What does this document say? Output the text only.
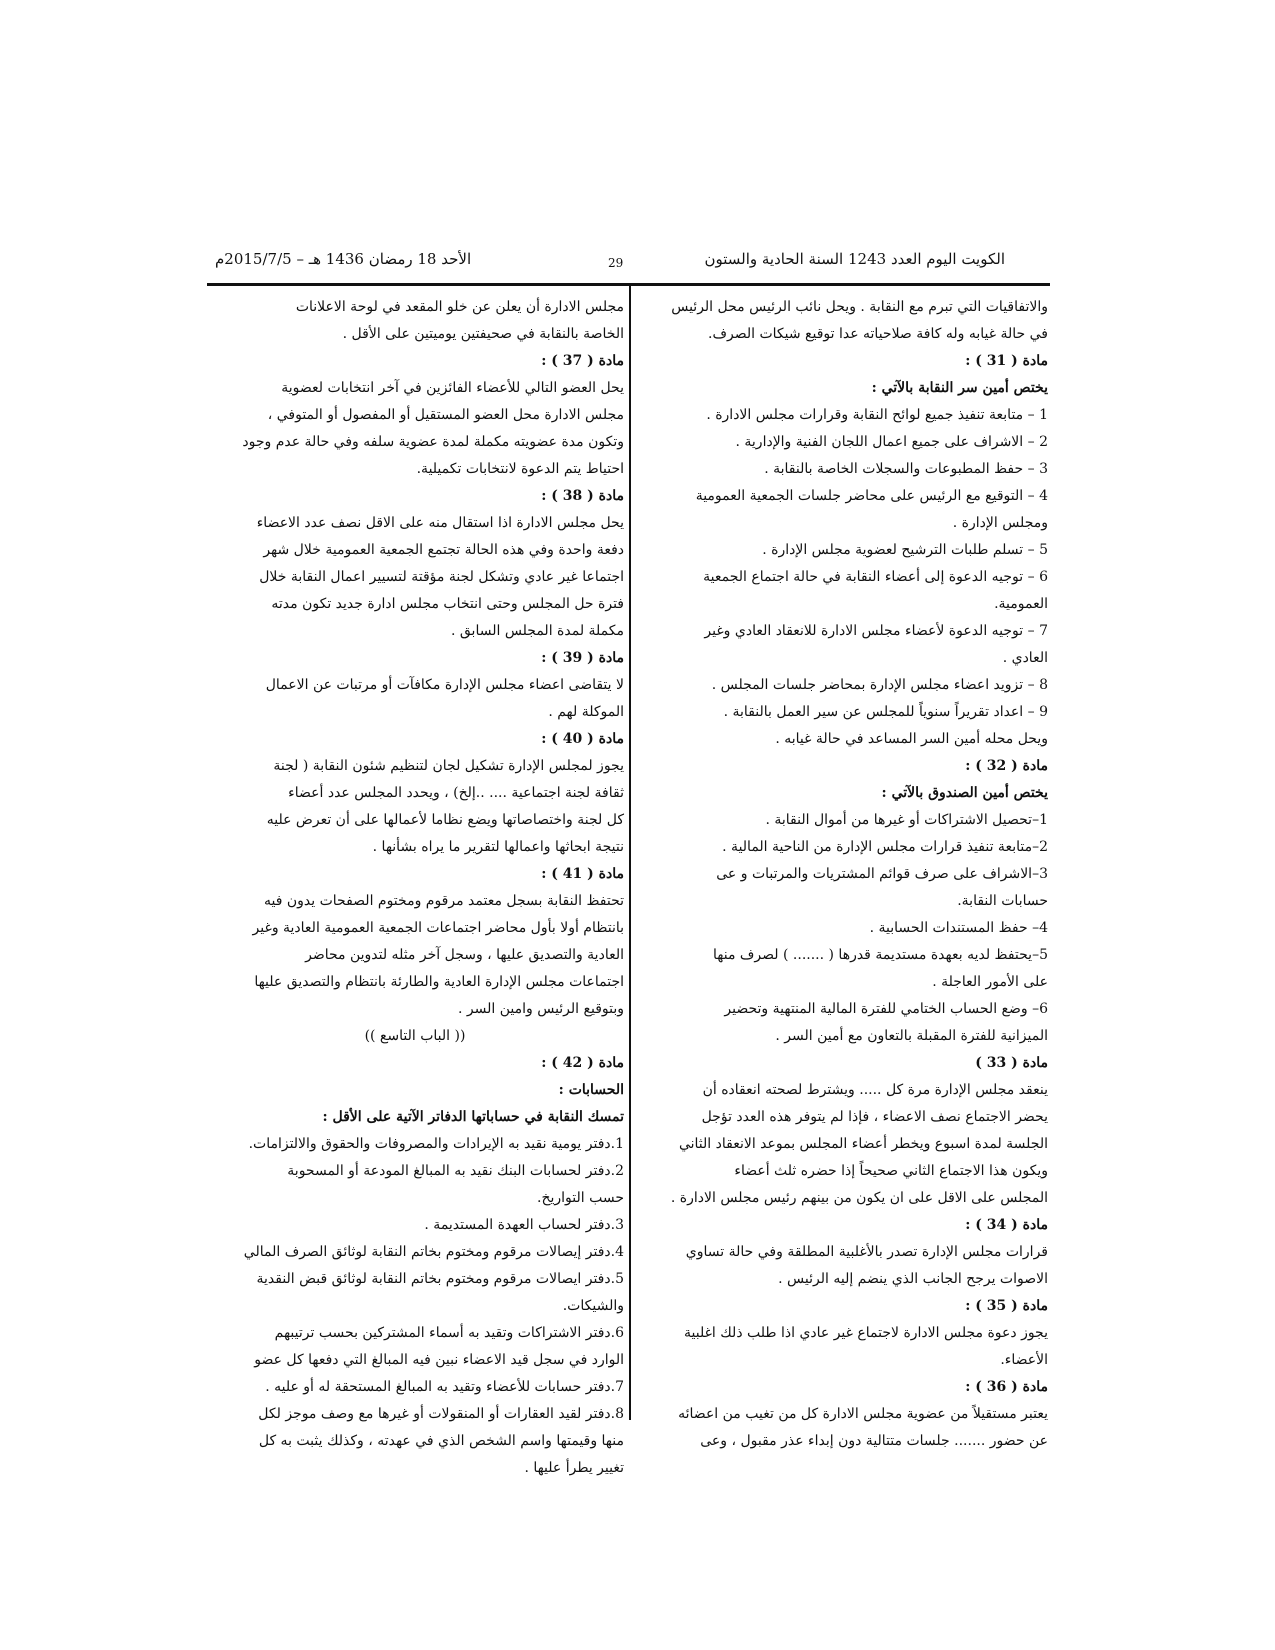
الكويت اليوم العدد 1243 السنة الحادية والستون
29
الأحد 18 رمضان 1436 هـ – 2015/7/5م

والاتفاقيات التي تبرم مع النقابة . ويحل نائب الرئيس محل الرئيس

في حالة غيابه وله كافة صلاحياته عدا توقيع شيكات الصرف.

مادة ( 31 ) :

يختص أمين سر النقابة بالآتي :

1 – متابعة تنفيذ جميع لوائح النقابة وقرارات مجلس الادارة .

2 – الاشراف على جميع اعمال اللجان الفنية والإدارية .

3 – حفظ المطبوعات والسجلات الخاصة بالنقابة .

4 – التوقيع مع الرئيس على محاضر جلسات الجمعية العمومية

ومجلس الإدارة .

5 – تسلم طلبات الترشيح لعضوية مجلس الإدارة .

6 – توجيه الدعوة إلى أعضاء النقابة في حالة اجتماع الجمعية

العمومية.

7 – توجيه الدعوة لأعضاء مجلس الادارة للانعقاد العادي وغير

العادي .

8 – تزويد اعضاء مجلس الإدارة بمحاضر جلسات المجلس .

9 – اعداد تقريراً سنوياً للمجلس عن سير العمل بالنقابة .

ويحل محله أمين السر المساعد في حالة غيابه .

مادة ( 32 ) :

يختص أمين الصندوق بالآتي :

1–تحصيل الاشتراكات أو غيرها من أموال النقابة .

2–متابعة تنفيذ قرارات مجلس الإدارة من الناحية المالية .

3–الاشراف على صرف قوائم المشتريات والمرتبات و عى

حسابات النقابة.

4– حفظ المستندات الحسابية .

5–يحتفظ لديه بعهدة مستديمة قدرها ( ....... ) لصرف منها

على الأمور العاجلة .

6– وضع الحساب الختامي للفترة المالية المنتهية وتحضير

الميزانية للفترة المقبلة بالتعاون مع أمين السر .

مادة ( 33 )

ينعقد مجلس الإدارة مرة كل ..... ويشترط لصحته انعقاده أن

يحضر الاجتماع نصف الاعضاء ، فإذا لم يتوفر هذه العدد تؤجل

الجلسة لمدة اسبوع ويخطر أعضاء المجلس بموعد الانعقاد الثاني

ويكون هذا الاجتماع الثاني صحيحاً إذا حضره ثلث أعضاء

المجلس على الاقل على ان يكون من بينهم رئيس مجلس الادارة .

مادة ( 34 ) :

قرارات مجلس الإدارة تصدر بالأغلبية المطلقة وفي حالة تساوي

الاصوات يرجح الجانب الذي ينضم إليه الرئيس .

مادة ( 35 ) :

يجوز دعوة مجلس الادارة لاجتماع غير عادي اذا طلب ذلك اغلبية

الأعضاء.

مادة ( 36 ) :

يعتبر مستقيلاً من عضوية مجلس الادارة كل من تغيب من اعضائه

عن حضور ....... جلسات متتالية دون إبداء عذر مقبول ، وعى

مجلس الادارة أن يعلن عن خلو المقعد في لوحة الاعلانات

الخاصة بالنقابة في صحيفتين يوميتين على الأقل .

مادة ( 37 ) :

يحل العضو التالي للأعضاء الفائزين في آخر انتخابات لعضوية

مجلس الادارة محل العضو المستقيل أو المفصول أو المتوفي ،

وتكون مدة عضويته مكملة لمدة عضوية سلفه وفي حالة عدم وجود

احتياط يتم الدعوة لانتخابات تكميلية.

مادة ( 38 ) :

يحل مجلس الادارة اذا استقال منه على الاقل نصف عدد الاعضاء

دفعة واحدة وفي هذه الحالة تجتمع الجمعية العمومية خلال شهر

اجتماعا غير عادي وتشكل لجنة مؤقتة لتسيير اعمال النقابة خلال

فترة حل المجلس وحتى انتخاب مجلس ادارة جديد تكون مدته

مكملة لمدة المجلس السابق .

مادة ( 39 ) :

لا يتقاضى اعضاء مجلس الإدارة مكافآت أو مرتبات عن الاعمال

الموكلة لهم .

مادة ( 40 ) :

يجوز لمجلس الإدارة تشكيل لجان لتنظيم شئون النقابة ( لجنة

ثقافة لجنة اجتماعية .... ..إلخ) ، ويحدد المجلس عدد أعضاء

كل لجنة واختصاصاتها ويضع نظاما لأعمالها على أن تعرض عليه

نتيجة ابحاثها واعمالها لتقرير ما يراه بشأنها .

مادة ( 41 ) :

تحتفظ النقابة بسجل معتمد مرقوم ومختوم الصفحات يدون فيه

بانتظام أولا بأول محاضر اجتماعات الجمعية العمومية العادية وغير

العادية والتصديق عليها ، وسجل آخر مثله لتدوين محاضر

اجتماعات مجلس الإدارة العادية والطارئة بانتظام والتصديق عليها

وبتوقيع الرئيس وامين السر .

(( الباب التاسع ))

مادة ( 42 ) :

الحسابات :

تمسك النقابة في حساباتها الدفاتر الآتية على الأقل :

1.دفتر يومية نقيد به الإيرادات والمصروفات والحقوق والالتزامات.

2.دفتر لحسابات البنك نقيد به المبالغ المودعة أو المسحوبة

حسب التواريخ.

3.دفتر لحساب العهدة المستديمة .

4.دفتر إيصالات مرقوم ومختوم بخاتم النقابة لوثائق الصرف المالي

5.دفتر ايصالات مرقوم ومختوم بخاتم النقابة لوثائق قبض النقدية

والشيكات.

6.دفتر الاشتراكات وتقيد به أسماء المشتركين بحسب ترتيبهم

الوارد في سجل قيد الاعضاء نبين فيه المبالغ التي دفعها كل عضو

7.دفتر حسابات للأعضاء وتقيد به المبالغ المستحقة له أو عليه .

8.دفتر لقيد العقارات أو المنقولات أو غيرها مع وصف موجز لكل

منها وقيمتها واسم الشخص الذي في عهدته ، وكذلك يثبت به كل

تغيير يطرأ عليها .
